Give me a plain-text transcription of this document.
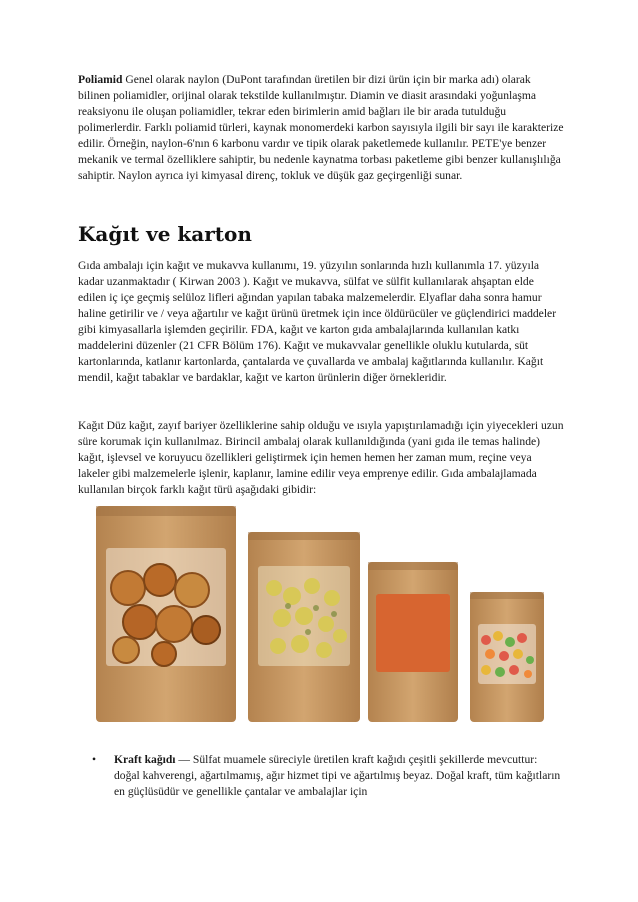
Poliamid Genel olarak naylon (DuPont tarafından üretilen bir dizi ürün için bir marka adı) olarak bilinen poliamidler, orijinal olarak tekstilde kullanılmıştır. Diamin ve diasit arasındaki yoğunlaşma reaksiyonu ile oluşan poliamidler, tekrar eden birimlerin amid bağları ile bir arada tutulduğu polimerlerdir. Farklı poliamid türleri, kaynak monomerdeki karbon sayısıyla ilgili bir sayı ile karakterize edilir. Örneğin, naylon-6'nın 6 karbonu vardır ve tipik olarak paketlemede kullanılır. PETE'ye benzer mekanik ve termal özelliklere sahiptir, bu nedenle kaynatma torbası paketleme gibi benzer kullanışlılığa sahiptir. Naylon ayrıca iyi kimyasal direnç, tokluk ve düşük gaz geçirgenliği sunar.

Kağıt ve karton

Gıda ambalajı için kağıt ve mukavva kullanımı, 19. yüzyılın sonlarında hızlı kullanımla 17. yüzyıla kadar uzanmaktadır ( Kirwan 2003 ). Kağıt ve mukavva, sülfat ve sülfit kullanılarak ahşaptan elde edilen iç içe geçmiş selüloz lifleri ağından yapılan tabaka malzemelerdir. Elyaflar daha sonra hamur haline getirilir ve / veya ağartılır ve kağıt ürünü üretmek için ince öldürücüler ve güçlendirici maddeler gibi kimyasallarla işlemden geçirilir. FDA, kağıt ve karton gıda ambalajlarında kullanılan katkı maddelerini düzenler (21 CFR Bölüm 176). Kağıt ve mukavvalar genellikle oluklu kutularda, süt kartonlarında, katlanır kartonlarda, çantalarda ve çuvallarda ve ambalaj kağıtlarında kullanılır. Kağıt mendil, kağıt tabaklar ve bardaklar, kağıt ve karton ürünlerin diğer örnekleridir.

Kağıt Düz kağıt, zayıf bariyer özelliklerine sahip olduğu ve ısıyla yapıştırılamadığı için yiyecekleri uzun süre korumak için kullanılmaz. Birincil ambalaj olarak kullanıldığında (yani gıda ile temas halinde) kağıt, işlevsel ve koruyucu özellikleri geliştirmek için hemen hemen her zaman mum, reçine veya lakeler gibi malzemelerle işlenir, kaplanır, lamine edilir veya emprenye edilir. Gıda ambalajlamada kullanılan birçok farklı kağıt türü aşağıdaki gibidir:

• Kraft kağıdı — Sülfat muamele süreciyle üretilen kraft kağıdı çeşitli şekillerde mevcuttur: doğal kahverengi, ağartılmamış, ağır hizmet tipi ve ağartılmış beyaz. Doğal kraft, tüm kağıtların en güçlüsüdür ve genellikle çantalar ve ambalajlar için
